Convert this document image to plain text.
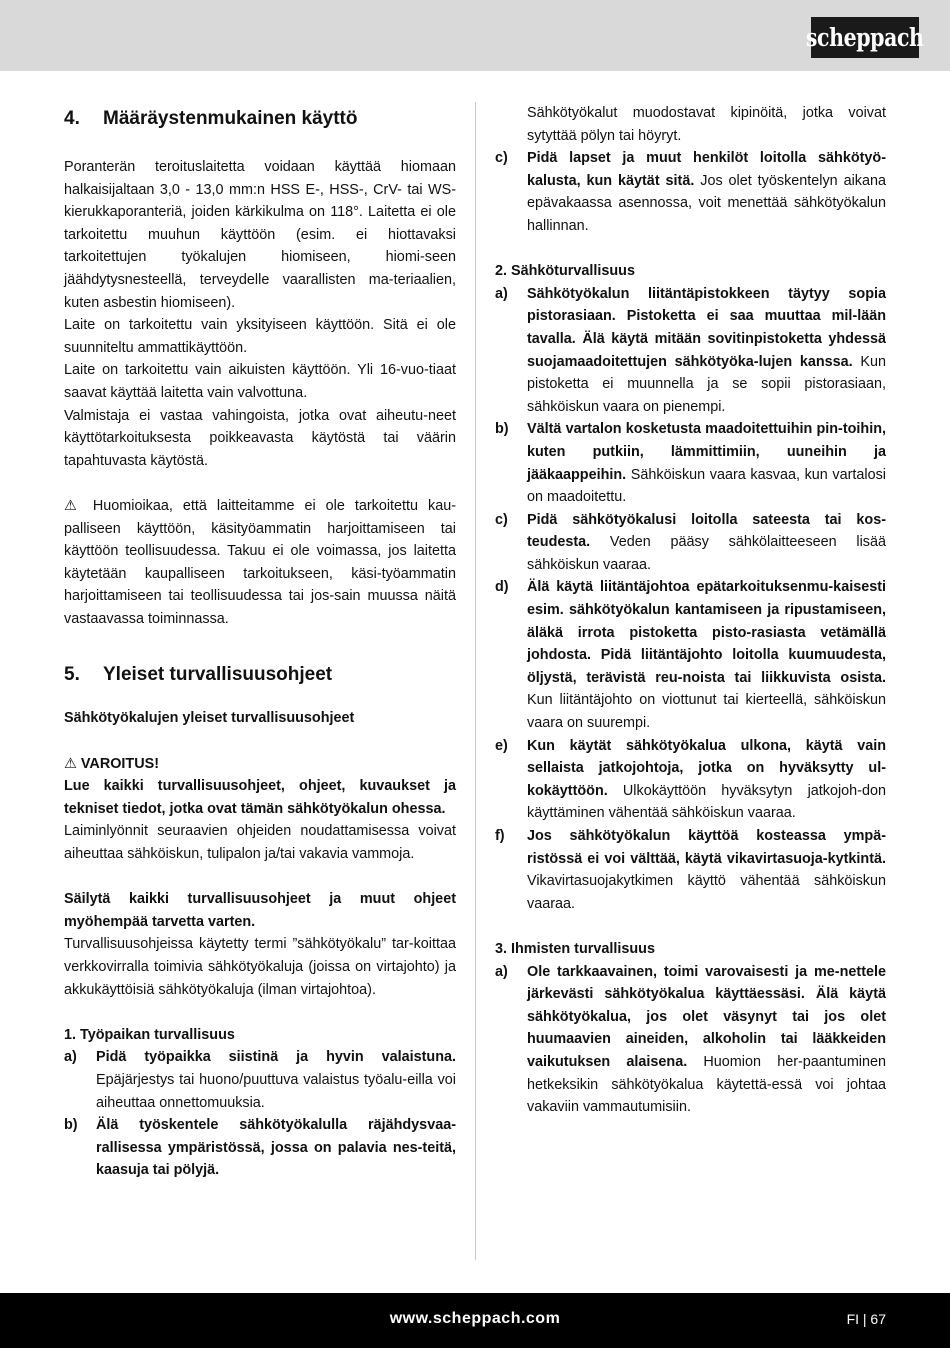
scheppach
4.	Määräystenmukainen käyttö

Poranterän teroituslaitetta voidaan käyttää hiomaan halkaisijaltaan 3,0 - 13,0 mm:n HSS E-, HSS-, CrV- tai WS-kierukkaporanteriä, joiden kärkikulma on 118°. Laitetta ei ole tarkoitettu muuhun käyttöön (esim. ei hiottavaksi tarkoitettujen työkalujen hiomiseen, hiomi-seen jäähdytysnesteellä, terveydelle vaarallisten ma-teriaalien, kuten asbestin hiomiseen).

Laite on tarkoitettu vain yksityiseen käyttöön. Sitä ei ole suunniteltu ammattikäyttöön.

Laite on tarkoitettu vain aikuisten käyttöön. Yli 16-vuo-tiaat saavat käyttää laitetta vain valvottuna.

Valmistaja ei vastaa vahingoista, jotka ovat aiheutu-neet käyttötarkoituksesta poikkeavasta käytöstä tai väärin tapahtuvasta käytöstä.

⚠ Huomioikaa, että laitteitamme ei ole tarkoitettu kau-palliseen käyttöön, käsityöammatin harjoittamiseen tai käyttöön teollisuudessa. Takuu ei ole voimassa, jos laitetta käytetään kaupalliseen tarkoitukseen, käsi-työammatin harjoittamiseen tai teollisuudessa tai jos-sain muussa näitä vastaavassa toiminnassa.

5.	Yleiset turvallisuusohjeet

Sähkötyökalujen yleiset turvallisuusohjeet

⚠ VAROITUS!

Lue kaikki turvallisuusohjeet, ohjeet, kuvaukset ja tekniset tiedot, jotka ovat tämän sähkötyökalun ohessa.

Laiminlyönnit seuraavien ohjeiden noudattamisessa voivat aiheuttaa sähköiskun, tulipalon ja/tai vakavia vammoja.

Säilytä kaikki turvallisuusohjeet ja muut ohjeet myöhempää tarvetta varten.

Turvallisuusohjeissa käytetty termi ”sähkötyökalu” tar-koittaa verkkovirralla toimivia sähkötyökaluja (joissa on virtajohto) ja akkukäyttöisiä sähkötyökaluja (ilman virtajohtoa).

1. Työpaikan turvallisuus

a)	Pidä työpaikka siistinä ja hyvin valaistuna. Epäjärjestys tai huono/puuttuva valaistus työalu-eilla voi aiheuttaa onnettomuuksia.
b)	Älä työskentele sähkötyökalulla räjähdysvaa-rallisessa ympäristössä, jossa on palavia nes-teitä, kaasuja tai pölyjä.
Sähkötyökalut muodostavat kipinöitä, jotka voivat sytyttää pölyn tai höyryt.
c)	Pidä lapset ja muut henkilöt loitolla sähkötyö-kalusta, kun käytät sitä. Jos olet työskentelyn aikana epävakaassa asennossa, voit menettää sähkötyökalun hallinnan.

2. Sähköturvallisuus

a)	Sähkötyökalun liitäntäpistokkeen täytyy sopia pistorasiaan. Pistoketta ei saa muuttaa mil-lään tavalla. Älä käytä mitään sovitinpistoketta yhdessä suojamaadoitettujen sähkötyöka-lujen kanssa. Kun pistoketta ei muunnella ja se sopii pistorasiaan, sähköiskun vaara on pienempi.
b)	Vältä vartalon kosketusta maadoitettuihin pin-toihin, kuten putkiin, lämmittimiin, uuneihin ja jääkaappeihin. Sähköiskun vaara kasvaa, kun vartalosi on maadoitettu.
c)	Pidä sähkötyökalusi loitolla sateesta tai kos-teudesta. Veden pääsy sähkölaitteeseen lisää sähköiskun vaaraa.
d)	Älä käytä liitäntäjohtoa epätarkoituksenmu-kaisesti esim. sähkötyökalun kantamiseen ja ripustamiseen, äläkä irrota pistoketta pisto-rasiasta vetämällä johdosta. Pidä liitäntäjohto loitolla kuumuudesta, öljystä, terävistä reu-noista tai liikkuvista osista. Kun liitäntäjohto on viottunut tai kierteellä, sähköiskun vaara on suurempi.
e)	Kun käytät sähkötyökalua ulkona, käytä vain sellaista jatkojohtoja, jotka on hyväksytty ul-kokäyttöön. Ulkokäyttöön hyväksytyn jatkojoh-don käyttäminen vähentää sähköiskun vaaraa.
f)	Jos sähkötyökalun käyttöä kosteassa ympä-ristössä ei voi välttää, käytä vikavirtasuoja-kytkintä. Vikavirtasuojakytkimen käyttö vähentää sähköiskun vaaraa.

3. Ihmisten turvallisuus

a)	Ole tarkkaavainen, toimi varovaisesti ja me-nettele järkevästi sähkötyökalua käyttäessäsi. Älä käytä sähkötyökalua, jos olet väsynyt tai jos olet huumaavien aineiden, alkoholin tai lääkkeiden vaikutuksen alaisena. Huomion her-paantuminen hetkeksikin sähkötyökalua käytettä-essä voi johtaa vakaviin vammautumisiin.
www.scheppach.com	FI | 67
